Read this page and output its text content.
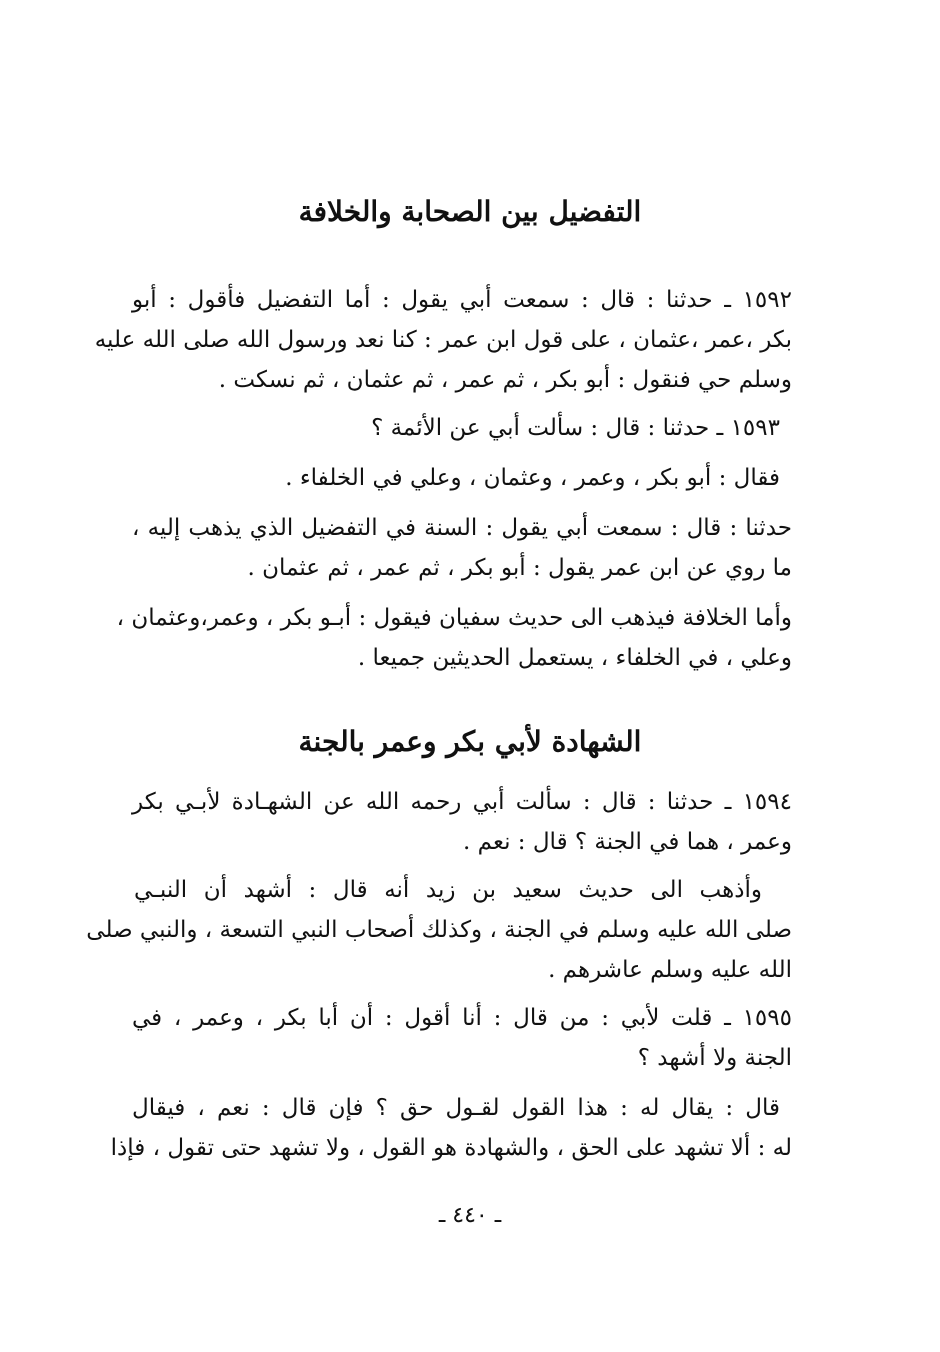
التفضيل بين الصحابة والخلافة
١٥٩٢ ـ حدثنا : قال : سمعت أبي يقول : أما التفضيل فأقول : أبو
بكر ،عمر ،عثمان ، على قول ابن عمر : كنا نعد ورسول الله صلى الله عليه
وسلم حي فنقول : أبو بكر ، ثم عمر ، ثم عثمان ، ثم نسكت .
١٥٩٣ ـ حدثنا : قال : سألت أبي عن الأئمة ؟
فقال : أبو بكر ، وعمر ، وعثمان ، وعلي في الخلفاء .
حدثنا : قال : سمعت أبي يقول : السنة في التفضيل الذي يذهب إليه ،
ما روي عن ابن عمر يقول : أبو بكر ، ثم عمر ، ثم عثمان .
وأما الخلافة فيذهب الى حديث سفيان فيقول : أبـو بكر ، وعمر،وعثمان ،
وعلي ، في الخلفاء ، يستعمل الحديثين جميعا .
الشهادة لأبي بكر وعمر بالجنة
١٥٩٤ ـ حدثنا : قال : سألت أبي رحمه الله عن الشهـادة لأبـي بكر
وعمر ، هما في الجنة ؟ قال : نعم .
وأذهب الى حديث سعيد بن زيد أنه قال : أشهد أن النبـي
صلى الله عليه وسلم في الجنة ، وكذلك أصحاب النبي التسعة ، والنبي صلى
الله عليه وسلم عاشرهم .
١٥٩٥ ـ قلت لأبي : من قال : أنا أقول : أن أبا بكر ، وعمر ، في
الجنة ولا أشهد ؟
قال : يقال له : هذا القول لقـول حق ؟ فإن قال : نعم ، فيقال
له : ألا تشهد على الحق ، والشهادة هو القول ، ولا تشهد حتى تقول ، فإذا
ـ ٤٤٠ ـ
